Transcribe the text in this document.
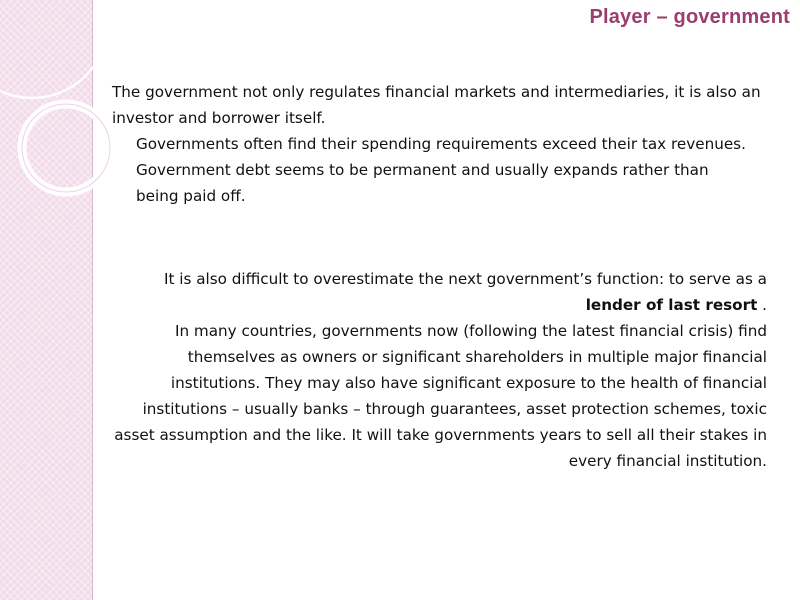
Player – government
The government not only regulates financial markets and intermediaries, it is also an investor and borrower itself.
Governments often find their spending requirements exceed their tax revenues. Government debt seems to be permanent and usually expands rather than being paid off.
It is also difficult to overestimate the next government’s function: to serve as a lender of last resort .
In many countries, governments now (following the latest financial crisis) find themselves as owners or significant shareholders in multiple major financial institutions. They may also have significant exposure to the health of financial institutions – usually banks – through guarantees, asset protection schemes, toxic asset assumption and the like. It will take governments years to sell all their stakes in every financial institution.
